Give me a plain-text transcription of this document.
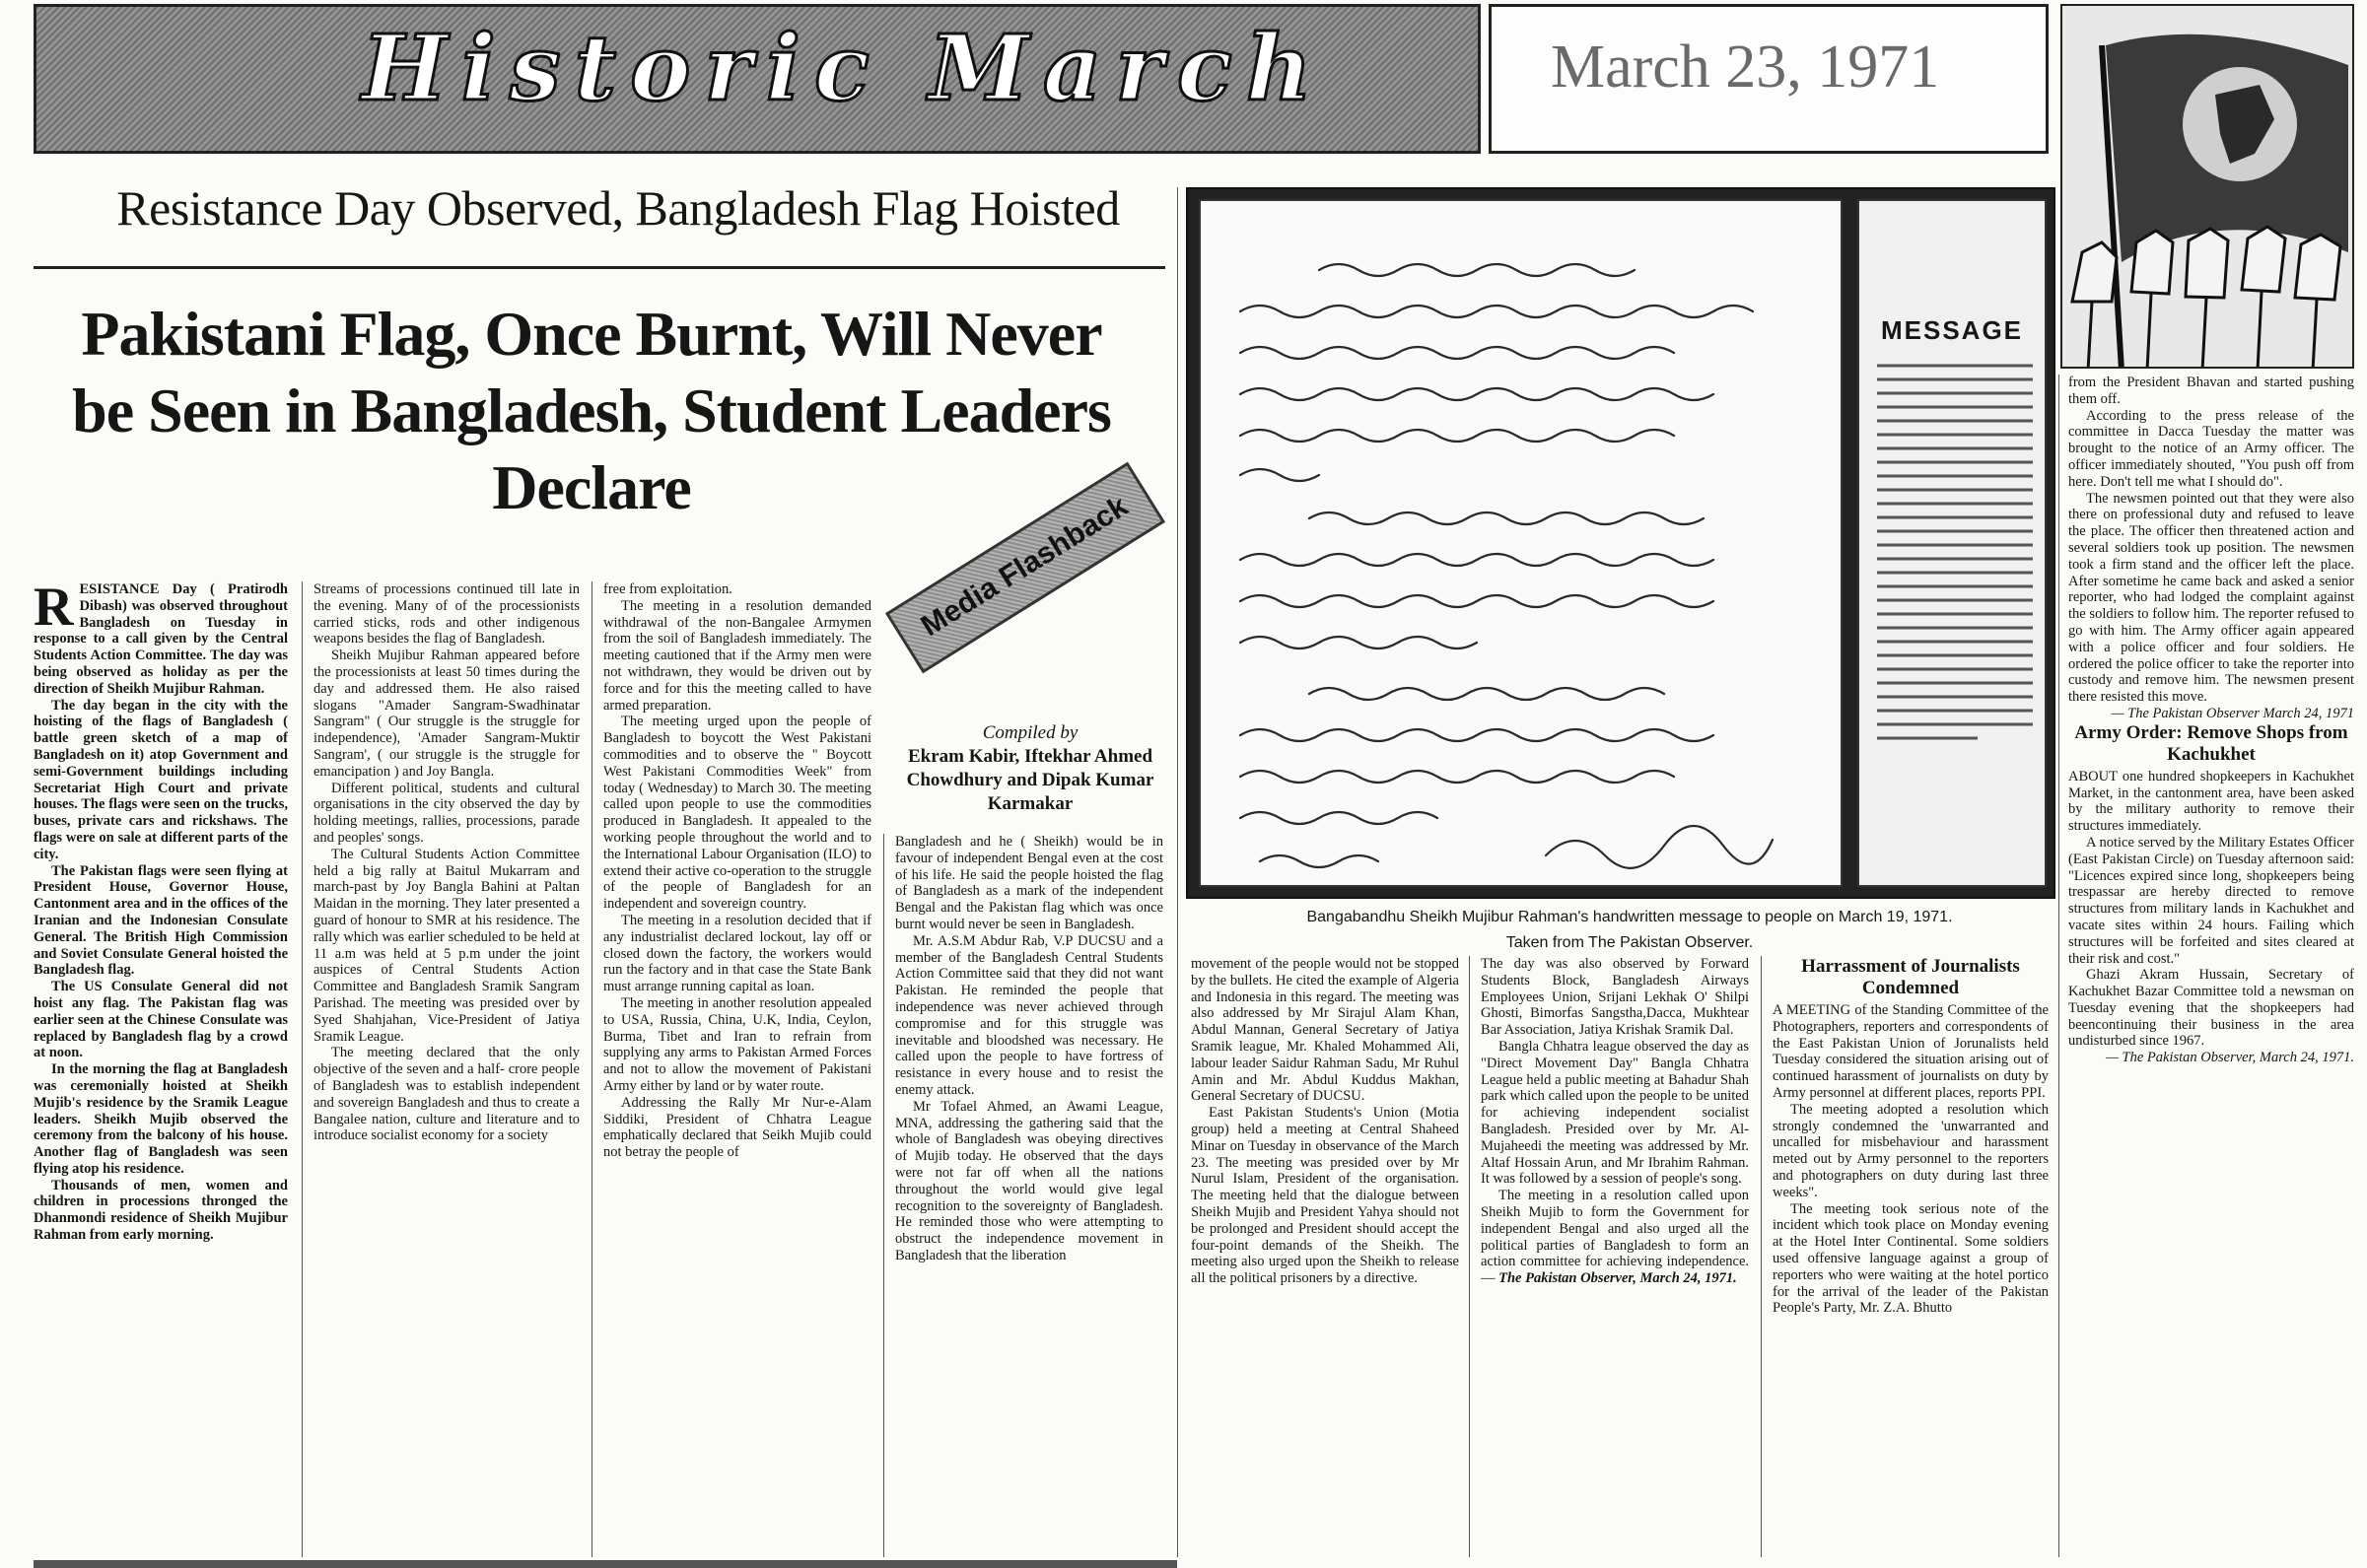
Historic March	March 23, 1971
Resistance Day Observed, Bangladesh Flag Hoisted
Pakistani Flag, Once Burnt, Will Never be Seen in Bangladesh, Student Leaders Declare
Media Flashback
Compiled by
Ekram Kabir, Iftekhar Ahmed Chowdhury and Dipak Kumar Karmakar

RESISTANCE Day ( Pratirodh Dibash) was observed throughout Bangladesh on Tuesday in response to a call given by the Central Students Action Committee. The day was being observed as holiday as per the direction of Sheikh Mujibur Rahman.

The day began in the city with the hoisting of the flags of Bangladesh ( battle green sketch of a map of Bangladesh on it) atop Government and semi-Government buildings including Secretariat High Court and private houses. The flags were seen on the trucks, buses, private cars and rickshaws. The flags were on sale at different parts of the city.

The Pakistan flags were seen flying at President House, Governor House, Cantonment area and in the offices of the Iranian and the Indonesian Consulate General. The British High Commission and Soviet Consulate General hoisted the Bangladesh flag.

The US Consulate General did not hoist any flag. The Pakistan flag was earlier seen at the Chinese Consulate was replaced by Bangladesh flag by a crowd at noon.

In the morning the flag at Bangladesh was ceremonially hoisted at Sheikh Mujib's residence by the Sramik League leaders. Sheikh Mujib observed the ceremony from the balcony of his house. Another flag of Bangladesh was seen flying atop his residence.

Thousands of men, women and children in processions thronged the Dhanmondi residence of Sheikh Mujibur Rahman from early morning.

Streams of processions continued till late in the evening. Many of of the processionists carried sticks, rods and other indigenous weapons besides the flag of Bangladesh.

Sheikh Mujibur Rahman appeared before the processionists at least 50 times during the day and addressed them. He also raised slogans "Amader Sangram-Swadhinatar Sangram" ( Our struggle is the struggle for independence), 'Amader Sangram-Muktir Sangram', ( our struggle is the struggle for emancipation ) and Joy Bangla.

Different political, students and cultural organisations in the city observed the day by holding meetings, rallies, processions, parade and peoples' songs.

The Cultural Students Action Committee held a big rally at Baitul Mukarram and march-past by Joy Bangla Bahini at Paltan Maidan in the morning. They later presented a guard of honour to SMR at his residence. The rally which was earlier scheduled to be held at 11 a.m was held at 5 p.m under the joint auspices of Central Students Action Committee and Bangladesh Sramik Sangram Parishad. The meeting was presided over by Syed Shahjahan, Vice-President of Jatiya Sramik League.

The meeting declared that the only objective of the seven and a half- crore people of Bangladesh was to establish independent and sovereign Bangladesh and thus to create a Bangalee nation, culture and literature and to introduce socialist economy for a society

free from exploitation.

The meeting in a resolution demanded withdrawal of the non-Bangalee Armymen from the soil of Bangladesh immediately. The meeting cautioned that if the Army men were not withdrawn, they would be driven out by force and for this the meeting called to have armed preparation.

The meeting urged upon the people of Bangladesh to boycott the West Pakistani commodities and to observe the " Boycott West Pakistani Commodities Week" from today ( Wednesday) to March 30. The meeting called upon people to use the commodities produced in Bangladesh. It appealed to the working people throughout the world and to the International Labour Organisation (ILO) to extend their active co-operation to the struggle of the people of Bangladesh for an independent and sovereign country.

The meeting in a resolution decided that if any industrialist declared lockout, lay off or closed down the factory, the workers would run the factory and in that case the State Bank must arrange running capital as loan.

The meeting in another resolution appealed to USA, Russia, China, U.K, India, Ceylon, Burma, Tibet and Iran to refrain from supplying any arms to Pakistan Armed Forces and not to allow the movement of Pakistani Army either by land or by water route.

Addressing the Rally Mr Nur-e-Alam Siddiki, President of Chhatra League emphatically declared that Seikh Mujib could not betray the people of

Bangladesh and he ( Sheikh) would be in favour of independent Bengal even at the cost of his life. He said the people hoisted the flag of Bangladesh as a mark of the independent Bengal and the Pakistan flag which was once burnt would never be seen in Bangladesh.

Mr. A.S.M Abdur Rab, V.P DUCSU and a member of the Bangladesh Central Students Action Committee said that they did not want Pakistan. He reminded the people that independence was never achieved through compromise and for this struggle was inevitable and bloodshed was necessary. He called upon the people to have fortress of resistance in every house and to resist the enemy attack.

Mr Tofael Ahmed, an Awami League, MNA, addressing the gathering said that the whole of Bangladesh was obeying directives of Mujib today. He observed that the days were not far off when all the nations throughout the world would give legal recognition to the sovereignty of Bangladesh. He reminded those who were attempting to obstruct the independence movement in Bangladesh that the liberation

MESSAGE
Bangabandhu Sheikh Mujibur Rahman's handwritten message to people on March 19, 1971.
Taken from The Pakistan Observer.

movement of the people would not be stopped by the bullets. He cited the example of Algeria and Indonesia in this regard. The meeting was also addressed by Mr Sirajul Alam Khan, Abdul Mannan, General Secretary of Jatiya Sramik league, Mr. Khaled Mohammed Ali, labour leader Saidur Rahman Sadu, Mr Ruhul Amin and Mr. Abdul Kuddus Makhan, General Secretary of DUCSU.

East Pakistan Students's Union (Motia group) held a meeting at Central Shaheed Minar on Tuesday in observance of the March 23. The meeting was presided over by Mr Nurul Islam, President of the organisation. The meeting held that the dialogue between Sheikh Mujib and President Yahya should not be prolonged and President should accept the four-point demands of the Sheikh. The meeting also urged upon the Sheikh to release all the political prisoners by a directive.

The day was also observed by Forward Students Block, Bangladesh Airways Employees Union, Srijani Lekhak O' Shilpi Ghosti, Bimorfas Sangstha,Dacca, Mukhtear Bar Association, Jatiya Krishak Sramik Dal.

Bangla Chhatra league observed the day as "Direct Movement Day" Bangla Chhatra League held a public meeting at Bahadur Shah park which called upon the people to be united for achieving independent socialist Bangladesh. Presided over by Mr. Al-Mujaheedi the meeting was addressed by Mr. Altaf Hossain Arun, and Mr Ibrahim Rahman. It was followed by a session of people's song.

The meeting in a resolution called upon Sheikh Mujib to form the Government for independent Bengal and also urged all the political parties of Bangladesh to form an action committee for achieving independence.— The Pakistan Observer, March 24, 1971.

Harrassment of Journalists Condemned

A MEETING of the Standing Committee of the Photographers, reporters and correspondents of the East Pakistan Union of Jorunalists held Tuesday considered the situation arising out of continued harassment of journalists on duty by Army personnel at different places, reports PPI.

The meeting adopted a resolution which strongly condemned the 'unwarranted and uncalled for misbehaviour and harassment meted out by Army personnel to the reporters and photographers on duty during last three weeks".

The meeting took serious note of the incident which took place on Monday evening at the Hotel Inter Continental. Some soldiers used offensive language against a group of reporters who were waiting at the hotel portico for the arrival of the leader of the Pakistan People's Party, Mr. Z.A. Bhutto

from the President Bhavan and started pushing them off.

According to the press release of the committee in Dacca Tuesday the matter was brought to the notice of an Army officer. The officer immediately shouted, "You push off from here. Don't tell me what I should do".

The newsmen pointed out that they were also there on professional duty and refused to leave the place. The officer then threatened action and several soldiers took up position. The newsmen took a firm stand and the officer left the place. After sometime he came back and asked a senior reporter, who had lodged the complaint against the soldiers to follow him. The reporter refused to go with him. The Army officer again appeared with a police officer and four soldiers. He ordered the police officer to take the reporter into custody and remove him. The newsmen present there resisted this move.

— The Pakistan Observer March 24, 1971

Army Order: Remove Shops from Kachukhet

ABOUT one hundred shopkeepers in Kachukhet Market, in the cantonment area, have been asked by the military authority to remove their structures immediately.

A notice served by the Military Estates Officer (East Pakistan Circle) on Tuesday afternoon said: "Licences expired since long, shopkeepers being trespassar are hereby directed to remove structures from military lands in Kachukhet and vacate sites within 24 hours. Failing which structures will be forfeited and sites cleared at their risk and cost."

Ghazi Akram Hussain, Secretary of Kachukhet Bazar Committee told a newsman on Tuesday evening that the shopkeepers had beencontinuing their business in the area undisturbed since 1967.

— The Pakistan Observer, March 24, 1971.
